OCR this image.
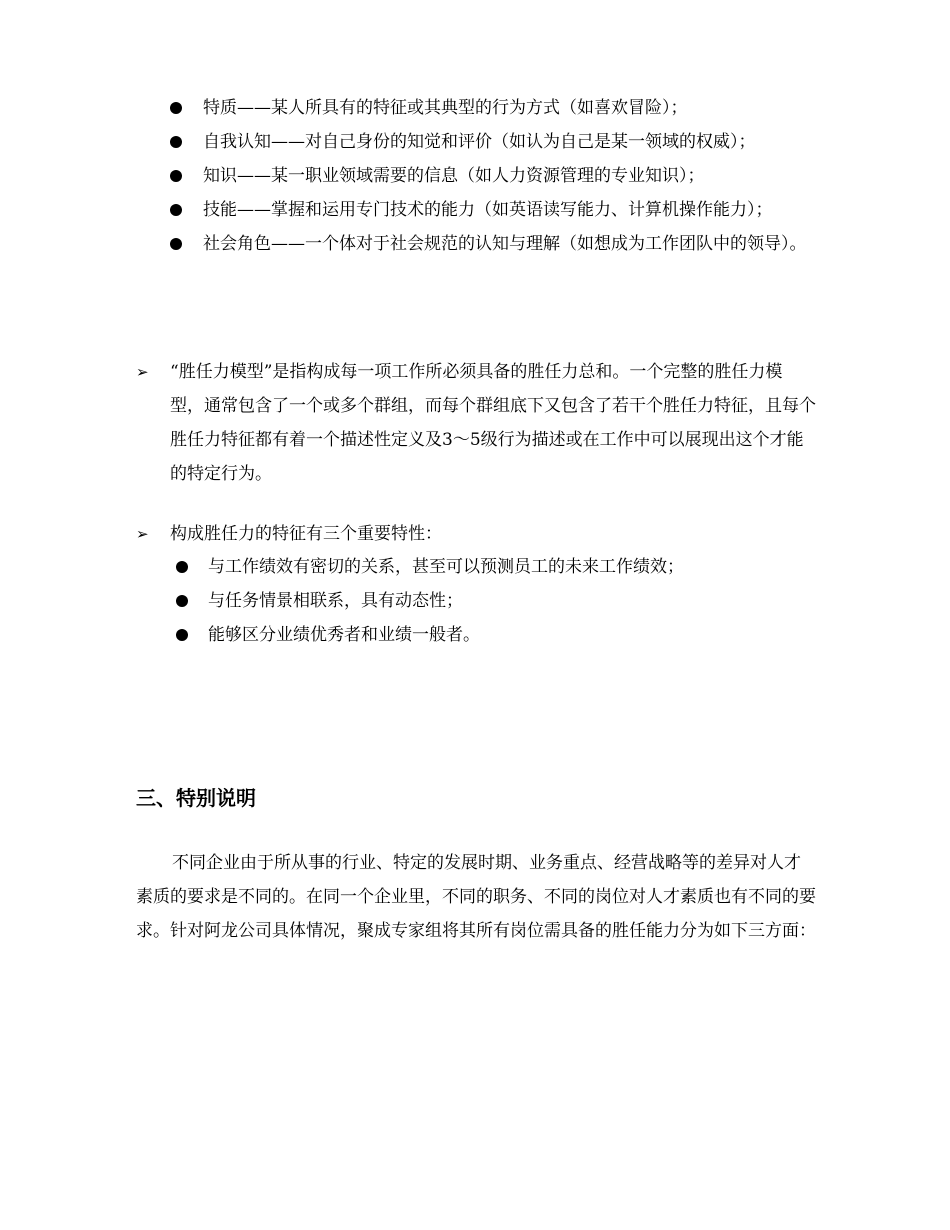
特质——某人所具有的特征或其典型的行为方式（如喜欢冒险）；
自我认知——对自己身份的知觉和评价（如认为自己是某一领域的权威）；
知识——某一职业领域需要的信息（如人力资源管理的专业知识）；
技能——掌握和运用专门技术的能力（如英语读写能力、计算机操作能力）；
社会角色——一个体对于社会规范的认知与理解（如想成为工作团队中的领导）。
➢	“胜任力模型”是指构成每一项工作所必须具备的胜任力总和。一个完整的胜任力模型，通常包含了一个或多个群组，而每个群组底下又包含了若干个胜任力特征，且每个胜任力特征都有着一个描述性定义及3～5级行为描述或在工作中可以展现出这个才能的特定行为。
➢	构成胜任力的特征有三个重要特性：
与工作绩效有密切的关系，甚至可以预测员工的未来工作绩效；
与任务情景相联系，具有动态性；
能够区分业绩优秀者和业绩一般者。
三、特别说明
不同企业由于所从事的行业、特定的发展时期、业务重点、经营战略等的差异对人才素质的要求是不同的。在同一个企业里，不同的职务、不同的岗位对人才素质也有不同的要求。针对阿龙公司具体情况，聚成专家组将其所有岗位需具备的胜任能力分为如下三方面：
